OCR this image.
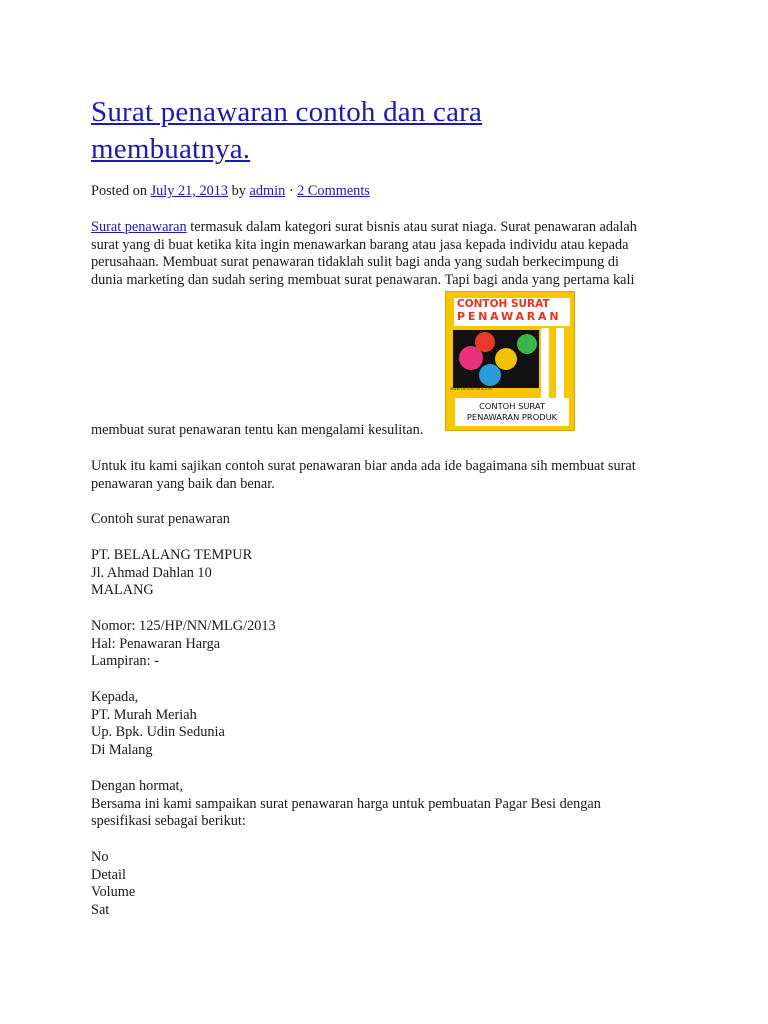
Surat penawaran contoh dan cara
membuatnya.
Posted on July 21, 2013 by admin · 2 Comments
Surat penawaran termasuk dalam kategori surat bisnis atau surat niaga. Surat penawaran adalah
surat yang di buat ketika kita ingin menawarkan barang atau jasa kepada individu atau kepada
perusahaan. Membuat surat penawaran tidaklah sulit bagi anda yang sudah berkecimpung di
dunia marketing dan sudah sering membuat surat penawaran. Tapi bagi anda yang pertama kali
CONTOH SURAT
PENAWARAN
www.contohsurat.net
CONTOH SURAT
PENAWARAN PRODUK
membuat surat penawaran tentu kan mengalami kesulitan.
Untuk itu kami sajikan contoh surat penawaran biar anda ada ide bagaimana sih membuat surat
penawaran yang baik dan benar.
Contoh surat penawaran
PT. BELALANG TEMPUR
Jl. Ahmad Dahlan 10
MALANG
Nomor: 125/HP/NN/MLG/2013
Hal: Penawaran Harga
Lampiran: -
Kepada,
PT. Murah Meriah
Up. Bpk. Udin Sedunia
Di Malang
Dengan hormat,
Bersama ini kami sampaikan surat penawaran harga untuk pembuatan Pagar Besi dengan
spesifikasi sebagai berikut:
No
Detail
Volume
Sat
